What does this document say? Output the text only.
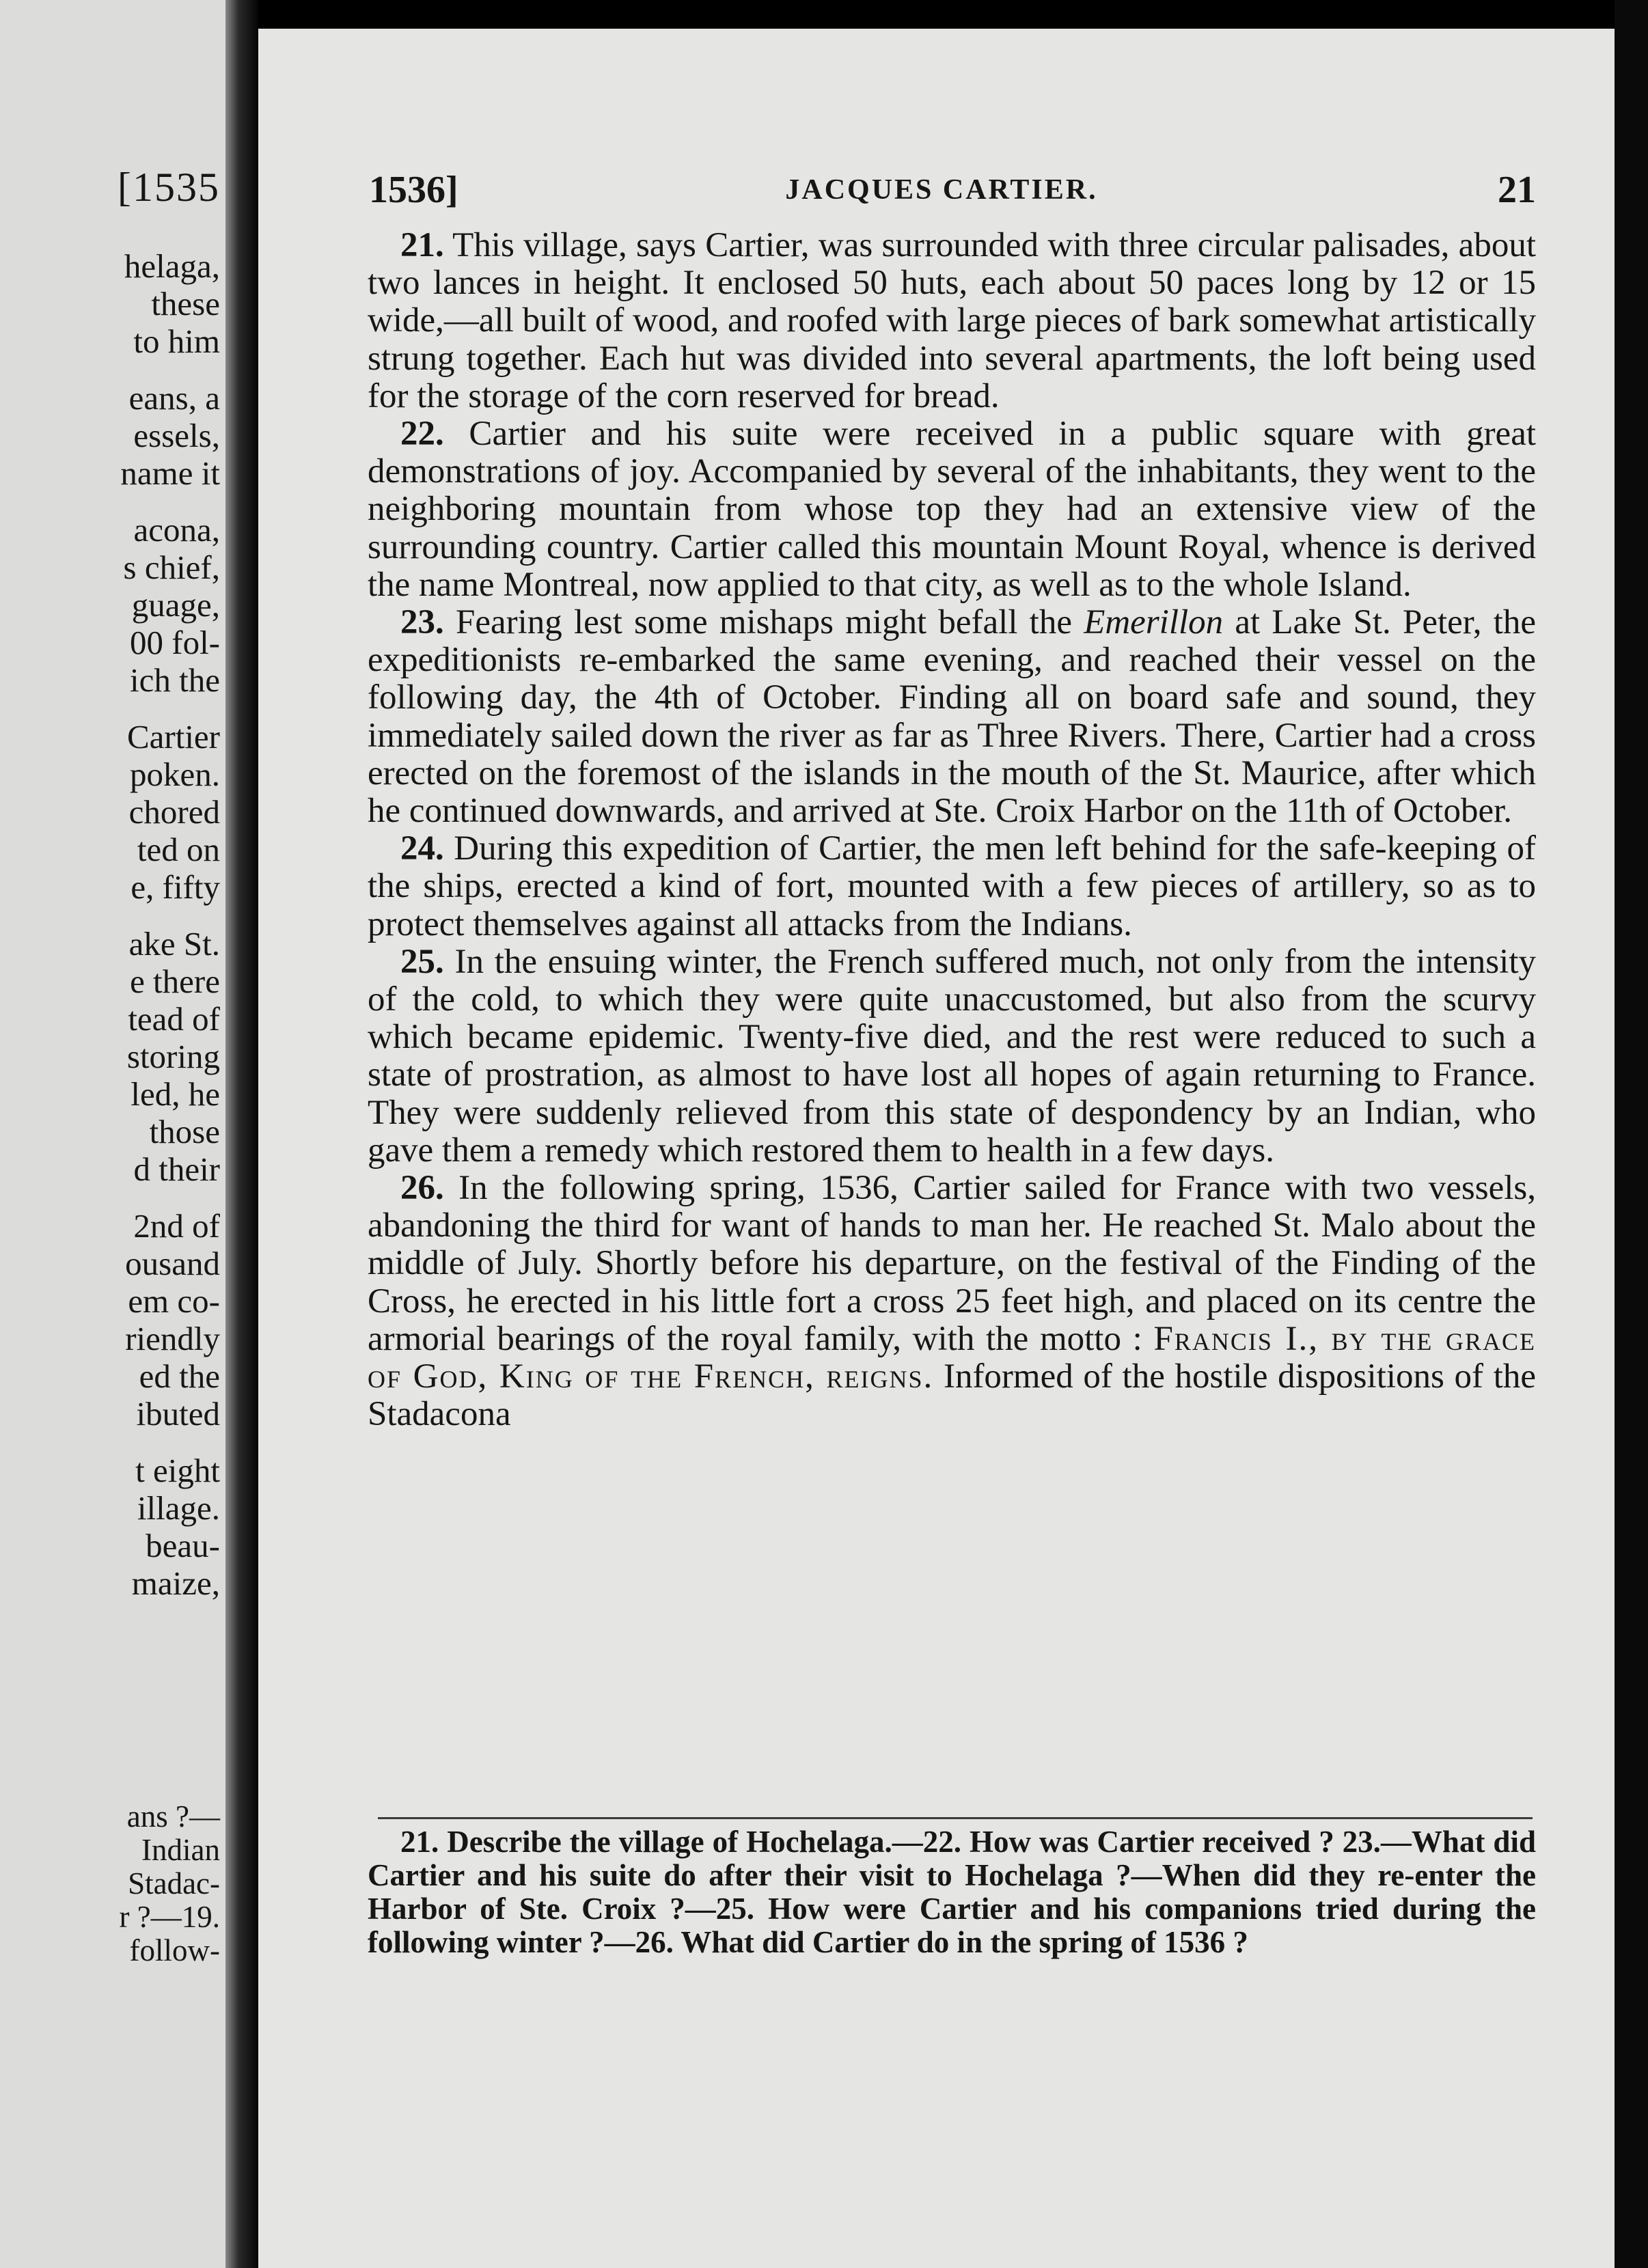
[1535
helaga,
these
to him
eans, a
essels,
name it
acona,
s chief,
guage,
00 fol-
ich the
Cartier
poken.
chored
ted on
e, fifty
ake St.
e there
tead of
storing
led, he
those
d their
2nd of
ousand
em co-
riendly
ed the
ibuted
t eight
illage.
beau-
maize,
ans ?—
Indian
Stadac-
r ?—19.
follow-
1536]	JACQUES CARTIER.	21

21. This village, says Cartier, was surrounded with three circular palisades, about two lances in height. It enclosed 50 huts, each about 50 paces long by 12 or 15 wide,—all built of wood, and roofed with large pieces of bark somewhat artistically strung together. Each hut was divided into several apartments, the loft being used for the storage of the corn reserved for bread.

22. Cartier and his suite were received in a public square with great demonstrations of joy. Accompanied by several of the inhabitants, they went to the neighboring mountain from whose top they had an extensive view of the surrounding country. Cartier called this mountain Mount Royal, whence is derived the name Montreal, now applied to that city, as well as to the whole Island.

23. Fearing lest some mishaps might befall the Emerillon at Lake St. Peter, the expeditionists re-embarked the same evening, and reached their vessel on the following day, the 4th of October. Finding all on board safe and sound, they immediately sailed down the river as far as Three Rivers. There, Cartier had a cross erected on the foremost of the islands in the mouth of the St. Maurice, after which he continued downwards, and arrived at Ste. Croix Harbor on the 11th of October.

24. During this expedition of Cartier, the men left behind for the safe-keeping of the ships, erected a kind of fort, mounted with a few pieces of artillery, so as to protect themselves against all attacks from the Indians.

25. In the ensuing winter, the French suffered much, not only from the intensity of the cold, to which they were quite unaccustomed, but also from the scurvy which became epidemic. Twenty-five died, and the rest were reduced to such a state of prostration, as almost to have lost all hopes of again returning to France. They were suddenly relieved from this state of despondency by an Indian, who gave them a remedy which restored them to health in a few days.

26. In the following spring, 1536, Cartier sailed for France with two vessels, abandoning the third for want of hands to man her. He reached St. Malo about the middle of July. Shortly before his departure, on the festival of the Finding of the Cross, he erected in his little fort a cross 25 feet high, and placed on its centre the armorial bearings of the royal family, with the motto : Francis I., by the grace of God, King of the French, reigns. Informed of the hostile dispositions of the Stadacona

21. Describe the village of Hochelaga.—22. How was Cartier received ? 23.—What did Cartier and his suite do after their visit to Hochelaga ?—When did they re-enter the Harbor of Ste. Croix ?—25. How were Cartier and his companions tried during the following winter ?—26. What did Cartier do in the spring of 1536 ?
